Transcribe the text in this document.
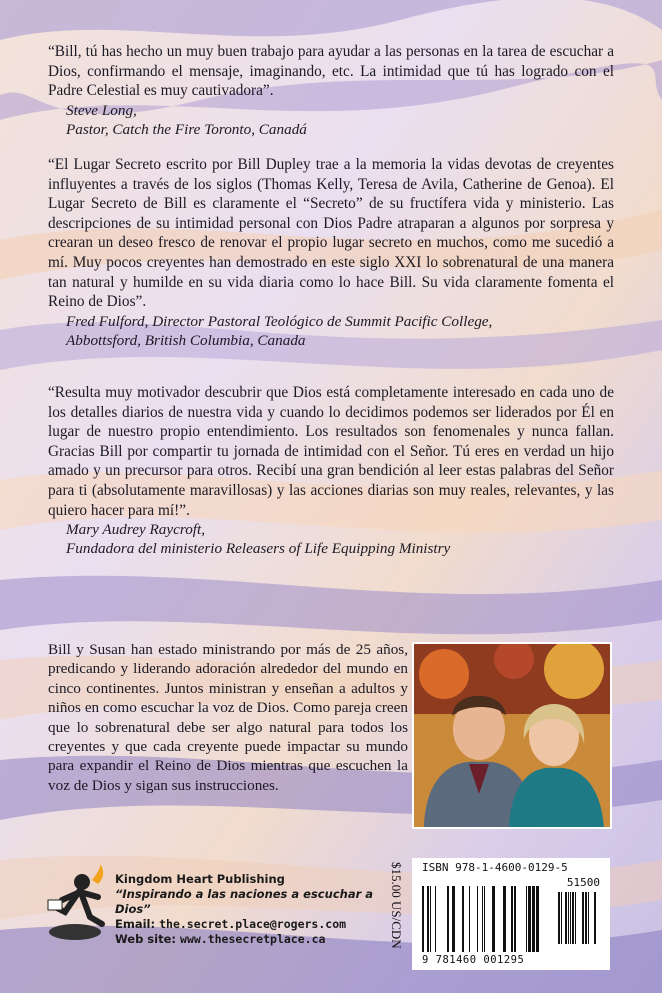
“Bill, tú has hecho un muy buen trabajo para ayudar a las personas en la tarea de escuchar a Dios, confirmando el mensaje, imaginando, etc. La intimidad que tú has logrado con el Padre Celestial es muy cautivadora”.

Steve Long,
Pastor, Catch the Fire Toronto, Canadá

“El Lugar Secreto escrito por Bill Dupley trae a la memoria la vidas devotas de creyentes influyentes a través de los siglos (Thomas Kelly, Teresa de Avila, Catherine de Genoa). El Lugar Secreto de Bill es claramente el “Secreto” de su fructífera vida y ministerio. Las descripciones de su intimidad personal con Dios Padre atraparan a algunos por sorpresa y crearan un deseo fresco de renovar el propio lugar secreto en muchos, como me sucedió a mí. Muy pocos creyentes han demostrado en este siglo XXI lo sobrenatural de una manera tan natural y humilde en su vida diaria como lo hace Bill. Su vida claramente fomenta el Reino de Dios”.

Fred Fulford, Director Pastoral Teológico de Summit Pacific College,
Abbottsford, British Columbia, Canada

“Resulta muy motivador descubrir que Dios está completamente interesado en cada uno de los detalles diarios de nuestra vida y cuando lo decidimos podemos ser liderados por Él en lugar de nuestro propio entendimiento. Los resultados son fenomenales y nunca fallan. Gracias Bill por compartir tu jornada de intimidad con el Señor. Tú eres en verdad un hijo amado y un precursor para otros. Recibí una gran bendición al leer estas palabras del Señor para ti (absolutamente maravillosas) y las acciones diarias son muy reales, relevantes, y las quiero hacer para mí!”.

Mary Audrey Raycroft,
Fundadora del ministerio Releasers of Life Equipping Ministry
Bill y Susan han estado ministrando por más de 25 años, predicando y liderando adoración alrededor del mundo en cinco continentes. Juntos ministran y enseñan a adultos y niños en como escuchar la voz de Dios. Como pareja creen que lo sobrenatural debe ser algo natural para todos los creyentes y que cada creyente puede impactar su mundo para expandir el Reino de Dios mientras que escuchen la voz de Dios y sigan sus instrucciones.
Kingdom Heart Publishing
“Inspirando a las naciones a escuchar a Dios”
Email: the.secret.place@rogers.com
Web site: www.thesecretplace.ca	$15.00 US/CDN ISBN 978-1-4600-0129-5
51500
9 781460 001295
